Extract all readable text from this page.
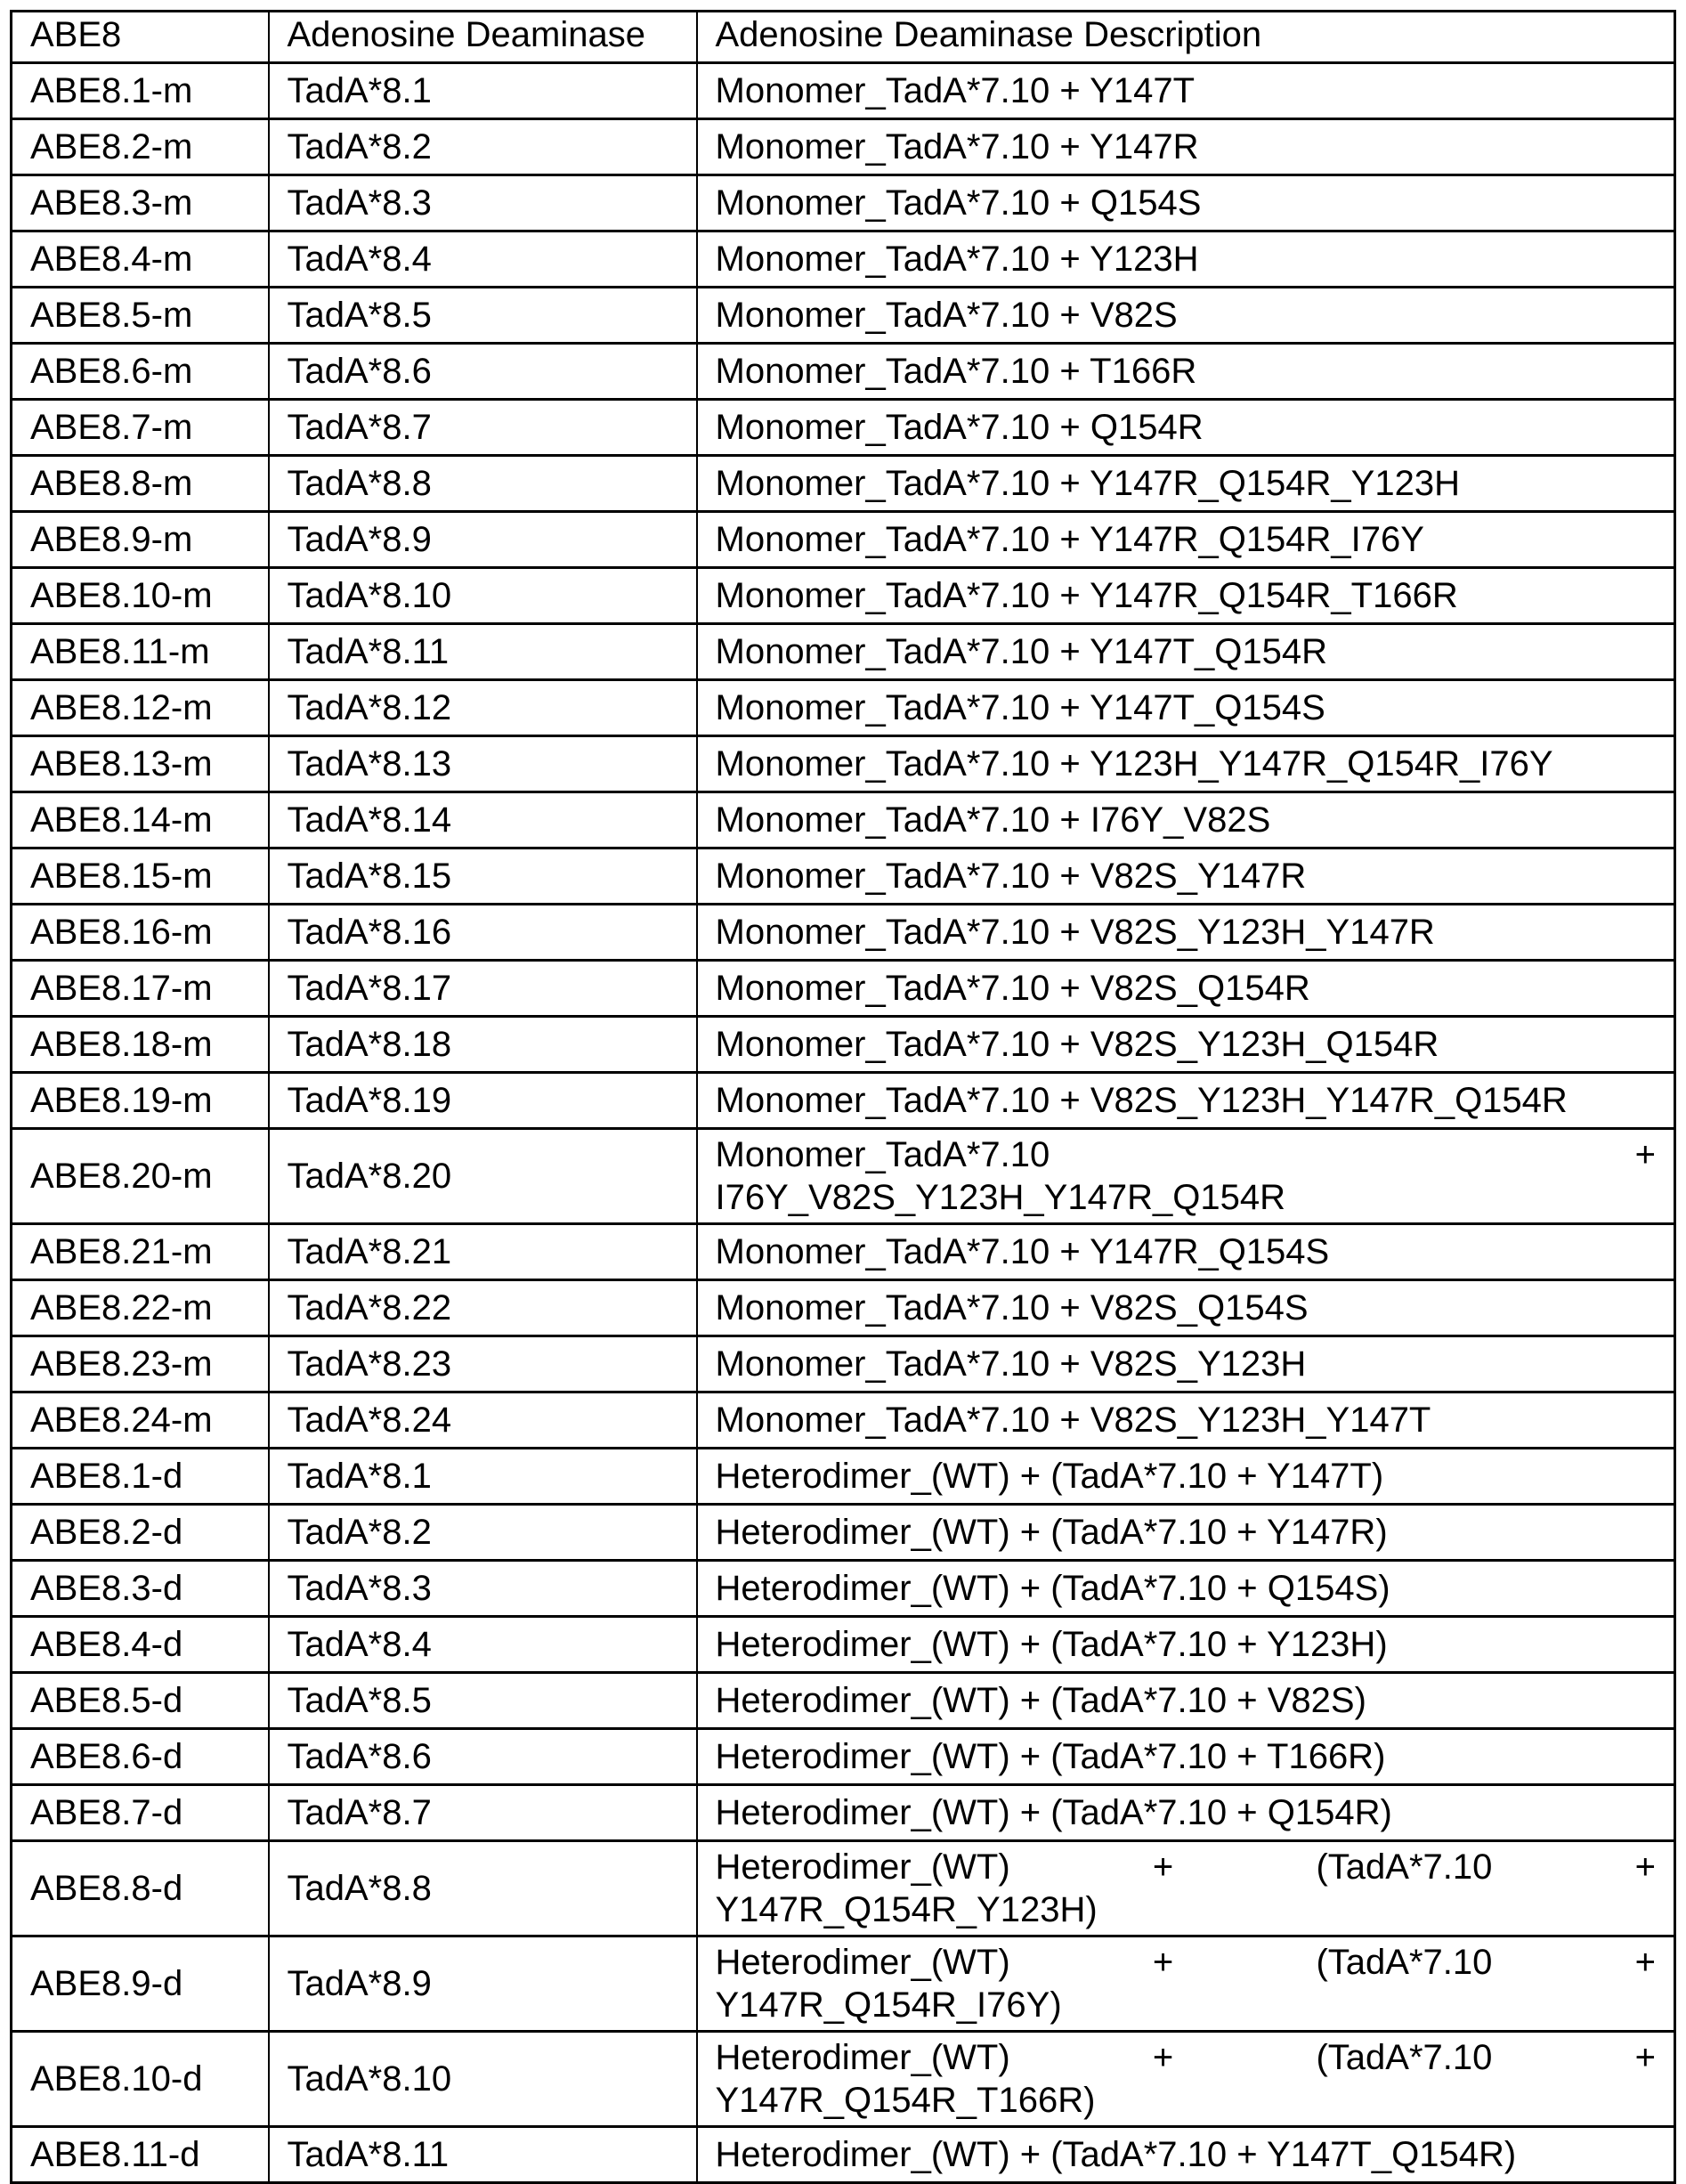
ABE8	Adenosine Deaminase	Adenosine Deaminase Description
ABE8.1-m	TadA*8.1	Monomer_TadA*7.10 + Y147T
ABE8.2-m	TadA*8.2	Monomer_TadA*7.10 + Y147R
ABE8.3-m	TadA*8.3	Monomer_TadA*7.10 + Q154S
ABE8.4-m	TadA*8.4	Monomer_TadA*7.10 + Y123H
ABE8.5-m	TadA*8.5	Monomer_TadA*7.10 + V82S
ABE8.6-m	TadA*8.6	Monomer_TadA*7.10 + T166R
ABE8.7-m	TadA*8.7	Monomer_TadA*7.10 + Q154R
ABE8.8-m	TadA*8.8	Monomer_TadA*7.10 + Y147R_Q154R_Y123H
ABE8.9-m	TadA*8.9	Monomer_TadA*7.10 + Y147R_Q154R_I76Y
ABE8.10-m	TadA*8.10	Monomer_TadA*7.10 + Y147R_Q154R_T166R
ABE8.11-m	TadA*8.11	Monomer_TadA*7.10 + Y147T_Q154R
ABE8.12-m	TadA*8.12	Monomer_TadA*7.10 + Y147T_Q154S
ABE8.13-m	TadA*8.13	Monomer_TadA*7.10 + Y123H_Y147R_Q154R_I76Y
ABE8.14-m	TadA*8.14	Monomer_TadA*7.10 + I76Y_V82S
ABE8.15-m	TadA*8.15	Monomer_TadA*7.10 + V82S_Y147R
ABE8.16-m	TadA*8.16	Monomer_TadA*7.10 + V82S_Y123H_Y147R
ABE8.17-m	TadA*8.17	Monomer_TadA*7.10 + V82S_Q154R
ABE8.18-m	TadA*8.18	Monomer_TadA*7.10 + V82S_Y123H_Q154R
ABE8.19-m	TadA*8.19	Monomer_TadA*7.10 + V82S_Y123H_Y147R_Q154R
ABE8.20-m	TadA*8.20	Monomer_TadA*7.10 +
I76Y_V82S_Y123H_Y147R_Q154R

ABE8.21-m	TadA*8.21	Monomer_TadA*7.10 + Y147R_Q154S
ABE8.22-m	TadA*8.22	Monomer_TadA*7.10 + V82S_Q154S
ABE8.23-m	TadA*8.23	Monomer_TadA*7.10 + V82S_Y123H
ABE8.24-m	TadA*8.24	Monomer_TadA*7.10 + V82S_Y123H_Y147T
ABE8.1-d	TadA*8.1	Heterodimer_(WT) + (TadA*7.10 + Y147T)
ABE8.2-d	TadA*8.2	Heterodimer_(WT) + (TadA*7.10 + Y147R)
ABE8.3-d	TadA*8.3	Heterodimer_(WT) + (TadA*7.10 + Q154S)
ABE8.4-d	TadA*8.4	Heterodimer_(WT) + (TadA*7.10 + Y123H)
ABE8.5-d	TadA*8.5	Heterodimer_(WT) + (TadA*7.10 + V82S)
ABE8.6-d	TadA*8.6	Heterodimer_(WT) + (TadA*7.10 + T166R)
ABE8.7-d	TadA*8.7	Heterodimer_(WT) + (TadA*7.10 + Q154R)
ABE8.8-d	TadA*8.8	Heterodimer_(WT) + (TadA*7.10 +
Y147R_Q154R_Y123H)

ABE8.9-d	TadA*8.9	Heterodimer_(WT) + (TadA*7.10 +
Y147R_Q154R_I76Y)

ABE8.10-d	TadA*8.10	Heterodimer_(WT) + (TadA*7.10 +
Y147R_Q154R_T166R)

ABE8.11-d	TadA*8.11	Heterodimer_(WT) + (TadA*7.10 + Y147T_Q154R)
